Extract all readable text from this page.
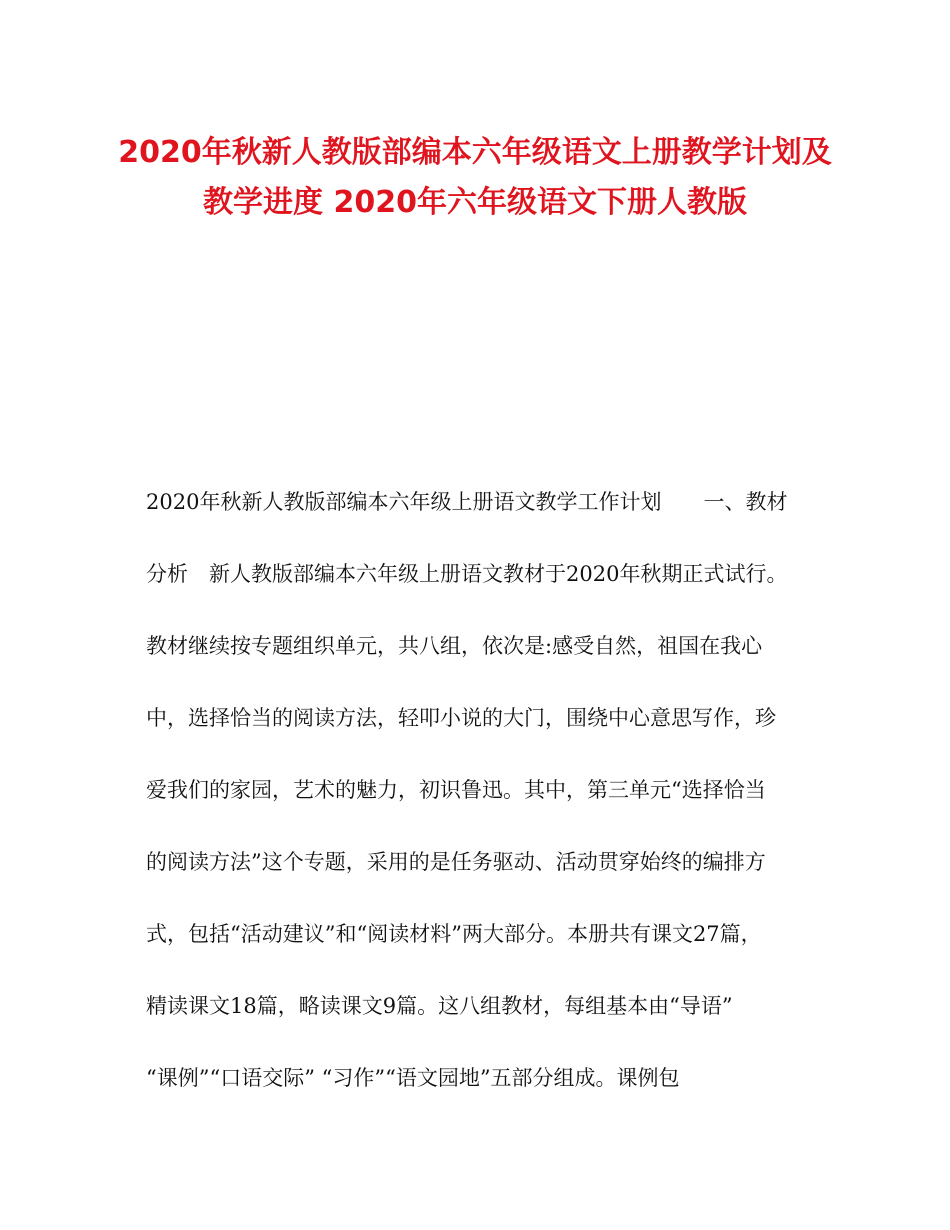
2020年秋新人教版部编本六年级语文上册教学计划及
教学进度 2020年六年级语文下册人教版
2020年秋新人教版部编本六年级上册语文教学工作计划　　一、教材
分析　新人教版部编本六年级上册语文教材于2020年秋期正式试行。
教材继续按专题组织单元，共八组，依次是:感受自然，祖国在我心
中，选择恰当的阅读方法，轻叩小说的大门，围绕中心意思写作，珍
爱我们的家园，艺术的魅力，初识鲁迅。其中，第三单元“选择恰当
的阅读方法”这个专题，采用的是任务驱动、活动贯穿始终的编排方
式，包括“活动建议”和“阅读材料”两大部分。本册共有课文27篇，
精读课文18篇，略读课文9篇。这八组教材，每组基本由“导语”
“课例”“口语交际” “习作”“语文园地”五部分组成。课例包
